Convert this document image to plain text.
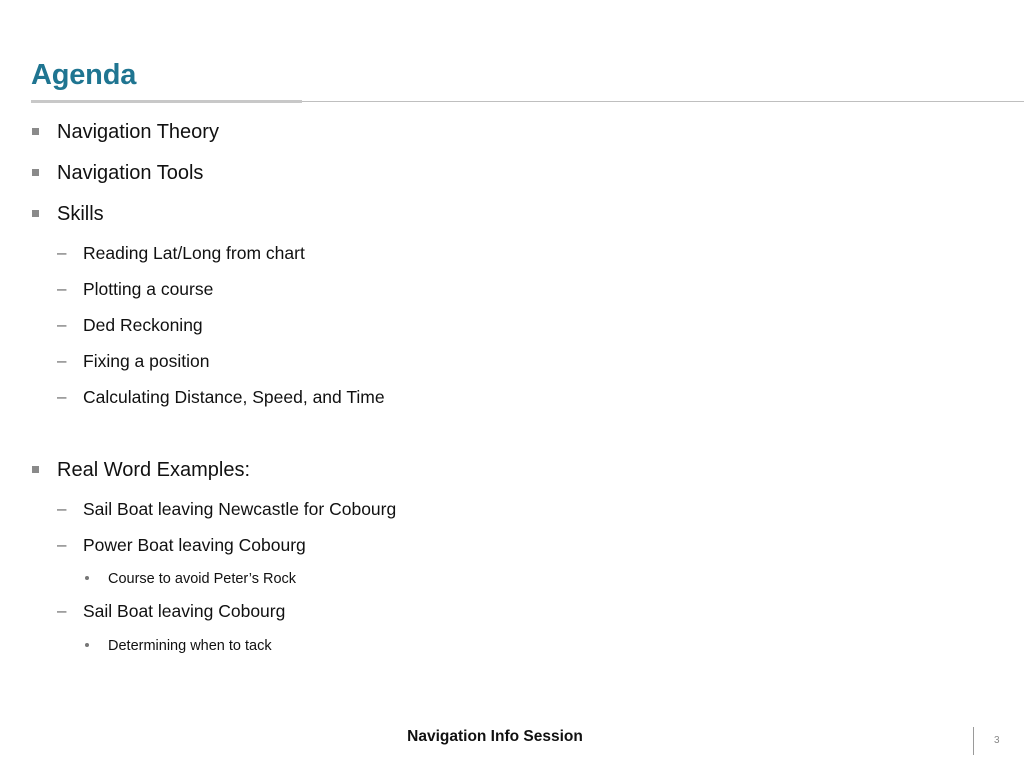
Agenda
Navigation Theory
Navigation Tools
Skills
– Reading Lat/Long from chart
– Plotting a course
– Ded Reckoning
– Fixing a position
– Calculating Distance, Speed, and Time
Real Word Examples:
– Sail Boat leaving Newcastle for Cobourg
– Power Boat leaving Cobourg
Course to avoid Peter’s Rock
– Sail Boat leaving Cobourg
Determining when to tack
Navigation Info Session	3
